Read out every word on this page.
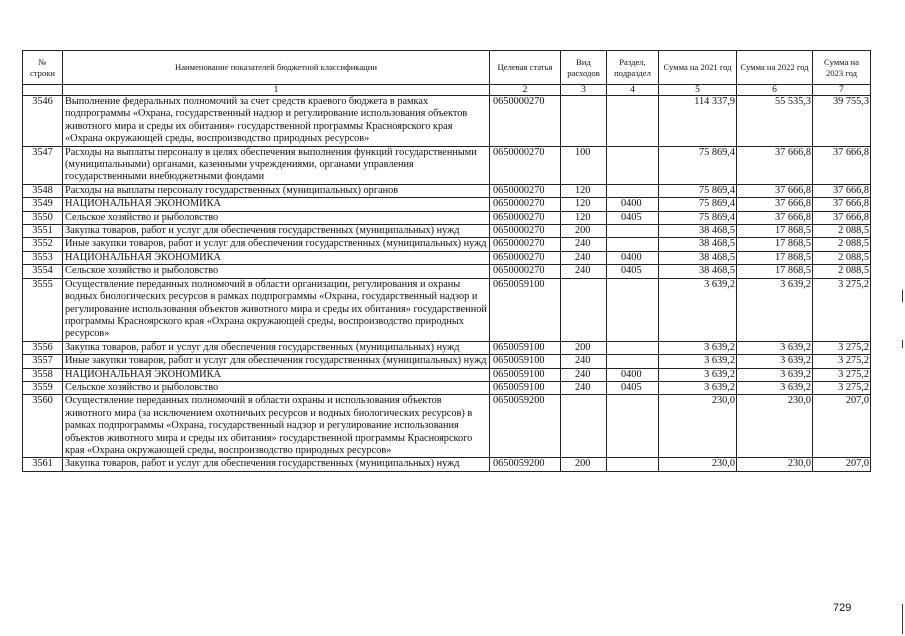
№ строки	Наименование показателей бюджетной классификации	Целевая статья	Вид расходов	Раздел, подраздел	Сумма на 2021 год	Сумма на 2022 год	Сумма на 2023 год
	1	2	3	4	5	6	7
3546	Выполнение федеральных полномочий за счет средств краевого бюджета в рамках подпрограммы «Охрана, государственный надзор и регулирование использования объектов животного мира и среды их обитания» государственной программы Красноярского края «Охрана окружающей среды, воспроизводство природных ресурсов»	0650000270			114 337,9	55 535,3	39 755,3
3547	Расходы на выплаты персоналу в целях обеспечения выполнения функций государственными (муниципальными) органами, казенными учреждениями, органами управления государственными внебюджетными фондами	0650000270	100		75 869,4	37 666,8	37 666,8
3548	Расходы на выплаты персоналу государственных (муниципальных) органов	0650000270	120		75 869,4	37 666,8	37 666,8
3549	НАЦИОНАЛЬНАЯ ЭКОНОМИКА	0650000270	120	0400	75 869,4	37 666,8	37 666,8
3550	Сельское хозяйство и рыболовство	0650000270	120	0405	75 869,4	37 666,8	37 666,8
3551	Закупка товаров, работ и услуг для обеспечения государственных (муниципальных) нужд	0650000270	200		38 468,5	17 868,5	2 088,5
3552	Иные закупки товаров, работ и услуг для обеспечения государственных (муниципальных) нужд	0650000270	240		38 468,5	17 868,5	2 088,5
3553	НАЦИОНАЛЬНАЯ ЭКОНОМИКА	0650000270	240	0400	38 468,5	17 868,5	2 088,5
3554	Сельское хозяйство и рыболовство	0650000270	240	0405	38 468,5	17 868,5	2 088,5
3555	Осуществление переданных полномочий в области организации, регулирования и охраны водных биологических ресурсов в рамках подпрограммы «Охрана, государственный надзор и регулирование использования объектов животного мира и среды их обитания» государственной программы Красноярского края «Охрана окружающей среды, воспроизводство природных ресурсов»	0650059100			3 639,2	3 639,2	3 275,2
3556	Закупка товаров, работ и услуг для обеспечения государственных (муниципальных) нужд	0650059100	200		3 639,2	3 639,2	3 275,2
3557	Иные закупки товаров, работ и услуг для обеспечения государственных (муниципальных) нужд	0650059100	240		3 639,2	3 639,2	3 275,2
3558	НАЦИОНАЛЬНАЯ ЭКОНОМИКА	0650059100	240	0400	3 639,2	3 639,2	3 275,2
3559	Сельское хозяйство и рыболовство	0650059100	240	0405	3 639,2	3 639,2	3 275,2
3560	Осуществление переданных полномочий в области охраны и использования объектов животного мира (за исключением охотничьих ресурсов и водных биологических ресурсов) в рамках подпрограммы «Охрана, государственный надзор и регулирование использования объектов животного мира и среды их обитания» государственной программы Красноярского края «Охрана окружающей среды, воспроизводство природных ресурсов»	0650059200			230,0	230,0	207,0
3561	Закупка товаров, работ и услуг для обеспечения государственных (муниципальных) нужд	0650059200	200		230,0	230,0	207,0
729
